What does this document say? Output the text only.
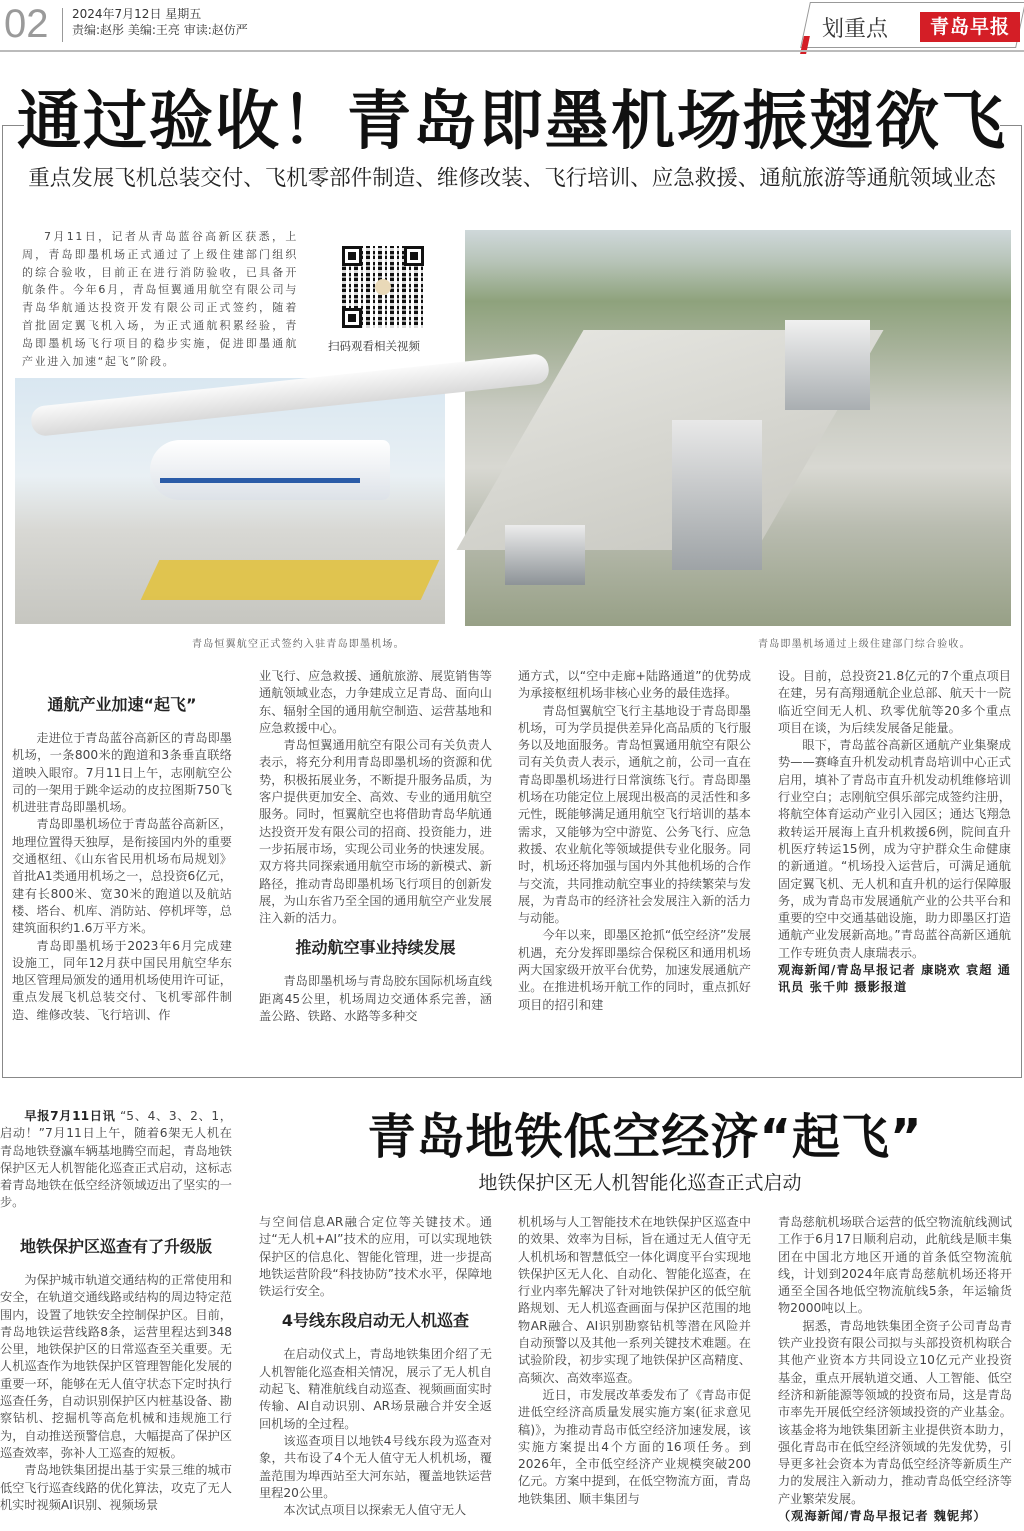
02 2024年7月12日 星期五
责编:赵彤 美编:王亮 审读:赵仿严	划重点	青岛早报
通过验收！青岛即墨机场振翅欲飞
重点发展飞机总装交付、飞机零部件制造、维修改装、飞行培训、应急救援、通航旅游等通航领域业态
7月11日，记者从青岛蓝谷高新区获悉，上周，青岛即墨机场正式通过了上级住建部门组织的综合验收，目前正在进行消防验收，已具备开航条件。今年6月，青岛恒翼通用航空有限公司与青岛华航通达投资开发有限公司正式签约，随着首批固定翼飞机入场，为正式通航积累经验，青岛即墨机场飞行项目的稳步实施，促进即墨通航产业进入加速“起飞”阶段。
扫码观看相关视频
青岛恒翼航空正式签约入驻青岛即墨机场。	青岛即墨机场通过上级住建部门综合验收。
通航产业加速“起飞”

走进位于青岛蓝谷高新区的青岛即墨机场，一条800米的跑道和3条垂直联络道映入眼帘。7月11日上午，志刚航空公司的一架用于跳伞运动的皮拉图斯750飞机进驻青岛即墨机场。

青岛即墨机场位于青岛蓝谷高新区，地理位置得天独厚，是衔接国内外的重要交通枢纽、《山东省民用机场布局规划》首批A1类通用机场之一，总投资6亿元，建有长800米、宽30米的跑道以及航站楼、塔台、机库、消防站、停机坪等，总建筑面积约1.6万平方米。

青岛即墨机场于2023年6月完成建设施工，同年12月获中国民用航空华东地区管理局颁发的通用机场使用许可证，重点发展飞机总装交付、飞机零部件制造、维修改装、飞行培训、作

业飞行、应急救援、通航旅游、展览销售等通航领域业态，力争建成立足青岛、面向山东、辐射全国的通用航空制造、运营基地和应急救援中心。

青岛恒翼通用航空有限公司有关负责人表示，将充分利用青岛即墨机场的资源和优势，积极拓展业务，不断提升服务品质，为客户提供更加安全、高效、专业的通用航空服务。同时，恒翼航空也将借助青岛华航通达投资开发有限公司的招商、投资能力，进一步拓展市场，实现公司业务的快速发展。双方将共同探索通用航空市场的新模式、新路径，推动青岛即墨机场飞行项目的创新发展，为山东省乃至全国的通用航空产业发展注入新的活力。

推动航空事业持续发展

青岛即墨机场与青岛胶东国际机场直线距离45公里，机场周边交通体系完善，涵盖公路、铁路、水路等多种交

通方式，以“空中走廊+陆路通道”的优势成为承接枢纽机场非核心业务的最佳选择。

青岛恒翼航空飞行主基地设于青岛即墨机场，可为学员提供差异化高品质的飞行服务以及地面服务。青岛恒翼通用航空有限公司有关负责人表示，通航之前，公司一直在青岛即墨机场进行日常演练飞行。青岛即墨机场在功能定位上展现出极高的灵活性和多元性，既能够满足通用航空飞行培训的基本需求，又能够为空中游览、公务飞行、应急救援、农业航化等领域提供专业化服务。同时，机场还将加强与国内外其他机场的合作与交流，共同推动航空事业的持续繁荣与发展，为青岛市的经济社会发展注入新的活力与动能。

今年以来，即墨区抢抓“低空经济”发展机遇，充分发挥即墨综合保税区和通用机场两大国家级开放平台优势，加速发展通航产业。在推进机场开航工作的同时，重点抓好项目的招引和建

设。目前，总投资21.8亿元的7个重点项目在建，另有高翔通航企业总部、航天十一院临近空间无人机、玖零优航等20多个重点项目在谈，为后续发展备足能量。

眼下，青岛蓝谷高新区通航产业集聚成势——赛峰直升机发动机青岛培训中心正式启用，填补了青岛市直升机发动机维修培训行业空白；志刚航空俱乐部完成签约注册，将航空体育运动产业引入园区；通达飞翔急救转运开展海上直升机救援6例，院间直升机医疗转运15例，成为守护群众生命健康的新通道。“机场投入运营后，可满足通航固定翼飞机、无人机和直升机的运行保障服务，成为青岛市发展通航产业的公共平台和重要的空中交通基础设施，助力即墨区打造通航产业发展新高地。”青岛蓝谷高新区通航工作专班负责人康瑞表示。

观海新闻/青岛早报记者 康晓欢 袁超 通讯员 张千帅 摄影报道

早报7月11日讯 “5、4、3、2、1，启动！”7月11日上午，随着6架无人机在青岛地铁登瀛车辆基地腾空而起，青岛地铁保护区无人机智能化巡查正式启动，这标志着青岛地铁在低空经济领域迈出了坚实的一步。
青岛地铁低空经济“起飞”
地铁保护区无人机智能化巡查正式启动
地铁保护区巡查有了升级版

为保护城市轨道交通结构的正常使用和安全，在轨道交通线路或结构的周边特定范围内，设置了地铁安全控制保护区。目前，青岛地铁运营线路8条，运营里程达到348公里，地铁保护区的日常巡查至关重要。无人机巡查作为地铁保护区管理智能化发展的重要一环，能够在无人值守状态下定时执行巡查任务，自动识别保护区内桩基设备、勘察钻机、挖掘机等高危机械和违规施工行为，自动推送预警信息，大幅提高了保护区巡查效率，弥补人工巡查的短板。

青岛地铁集团提出基于实景三维的城市低空飞行巡查线路的优化算法，攻克了无人机实时视频AI识别、视频场景

与空间信息AR融合定位等关键技术。通过“无人机+AI”技术的应用，可以实现地铁保护区的信息化、智能化管理，进一步提高地铁运营阶段“科技协防”技术水平，保障地铁运行安全。

4号线东段启动无人机巡查

在启动仪式上，青岛地铁集团介绍了无人机智能化巡查相关情况，展示了无人机自动起飞、精准航线自动巡查、视频画面实时传输、AI自动识别、AR场景融合并安全返回机场的全过程。

该巡查项目以地铁4号线东段为巡查对象，共布设了4个无人值守无人机机场，覆盖范围为埠西站至大河东站，覆盖地铁运营里程20公里。

本次试点项目以探索无人值守无人

机机场与人工智能技术在地铁保护区巡查中的效果、效率为目标，旨在通过无人值守无人机机场和智慧低空一体化调度平台实现地铁保护区无人化、自动化、智能化巡查，在行业内率先解决了针对地铁保护区的低空航路规划、无人机巡查画面与保护区范围的地物AR融合、AI识别勘察钻机等潜在风险并自动预警以及其他一系列关键技术难题。在试验阶段，初步实现了地铁保护区高精度、高频次、高效率巡查。

近日，市发展改革委发布了《青岛市促进低空经济高质量发展实施方案(征求意见稿)》，为推动青岛市低空经济加速发展，该实施方案提出4个方面的16项任务。到2026年，全市低空经济产业规模突破200亿元。方案中提到，在低空物流方面，青岛地铁集团、顺丰集团与

青岛慈航机场联合运营的低空物流航线测试工作于6月17日顺利启动，此航线是顺丰集团在中国北方地区开通的首条低空物流航线，计划到2024年底青岛慈航机场还将开通至全国各地低空物流航线5条，年运输货物2000吨以上。

据悉，青岛地铁集团全资子公司青岛青铁产业投资有限公司拟与头部投资机构联合其他产业资本方共同设立10亿元产业投资基金，重点开展轨道交通、人工智能、低空经济和新能源等领域的投资布局，这是青岛市率先开展低空经济领域投资的产业基金。该基金将为地铁集团新主业提供资本助力，强化青岛市在低空经济领域的先发优势，引导更多社会资本为青岛低空经济等新质生产力的发展注入新动力，推动青岛低空经济等产业繁荣发展。

（观海新闻/青岛早报记者 魏铌邦）
